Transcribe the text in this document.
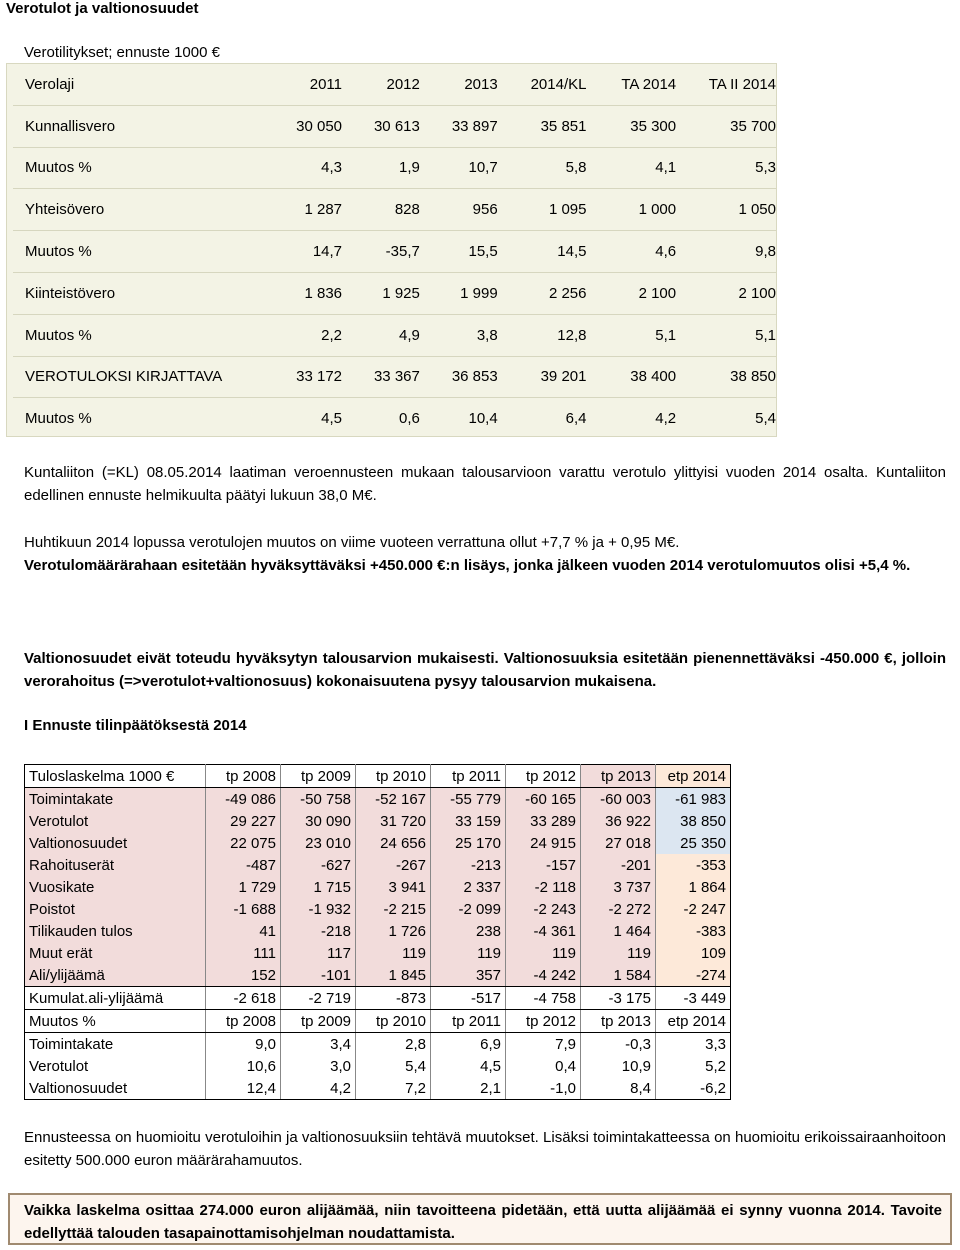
Verotulot ja valtionosuudet
Verotilitykset; ennuste 1000 €
Verolaji	2011	2012	2013	2014/KL	TA 2014	TA II 2014
Kunnallisvero	30 050	30 613	33 897	35 851	35 300	35 700
Muutos %	4,3	1,9	10,7	5,8	4,1	5,3
Yhteisövero	1 287	828	956	1 095	1 000	1 050
Muutos %	14,7	-35,7	15,5	14,5	4,6	9,8
Kiinteistövero	1 836	1 925	1 999	2 256	2 100	2 100
Muutos %	2,2	4,9	3,8	12,8	5,1	5,1
VEROTULOKSI KIRJATTAVA	33 172	33 367	36 853	39 201	38 400	38 850
Muutos %	4,5	0,6	10,4	6,4	4,2	5,4
Kuntaliiton (=KL) 08.05.2014 laatiman veroennusteen mukaan talousarvioon varattu verotulo ylittyisi vuoden 2014 osalta. Kuntaliiton edellinen ennuste helmikuulta päätyi lukuun 38,0 M€.
Huhtikuun 2014 lopussa verotulojen muutos on viime vuoteen verrattuna ollut +7,7 % ja + 0,95 M€.
Verotulomäärärahaan esitetään hyväksyttäväksi +450.000 €:n lisäys, jonka jälkeen vuoden 2014 verotulomuutos olisi +5,4 %.
Valtionosuudet eivät toteudu hyväksytyn talousarvion mukaisesti. Valtionosuuksia esitetään pienennettäväksi -450.000 €, jolloin verorahoitus (=>verotulot+valtionosuus) kokonaisuutena pysyy talousarvion mukaisena.
I Ennuste tilinpäätöksestä 2014
Tuloslaskelma 1000 €	tp 2008	tp 2009	tp 2010	tp 2011	tp 2012	tp 2013	etp 2014
Toimintakate	-49 086	-50 758	-52 167	-55 779	-60 165	-60 003	-61 983
Verotulot	29 227	30 090	31 720	33 159	33 289	36 922	38 850
Valtionosuudet	22 075	23 010	24 656	25 170	24 915	27 018	25 350
Rahoituserät	-487	-627	-267	-213	-157	-201	-353
Vuosikate	1 729	1 715	3 941	2 337	-2 118	3 737	1 864
Poistot	-1 688	-1 932	-2 215	-2 099	-2 243	-2 272	-2 247
Tilikauden tulos	41	-218	1 726	238	-4 361	1 464	-383
Muut erät	111	117	119	119	119	119	109
Ali/ylijäämä	152	-101	1 845	357	-4 242	1 584	-274
Kumulat.ali-ylijäämä	-2 618	-2 719	-873	-517	-4 758	-3 175	-3 449
Muutos %	tp 2008	tp 2009	tp 2010	tp 2011	tp 2012	tp 2013	etp 2014
Toimintakate	9,0	3,4	2,8	6,9	7,9	-0,3	3,3
Verotulot	10,6	3,0	5,4	4,5	0,4	10,9	5,2
Valtionosuudet	12,4	4,2	7,2	2,1	-1,0	8,4	-6,2
Ennusteessa on huomioitu verotuloihin ja valtionosuuksiin tehtävä muutokset. Lisäksi toimintakatteessa on huomioitu erikoissairaanhoitoon esitetty 500.000 euron määrärahamuutos.
Vaikka laskelma osittaa 274.000 euron alijäämää, niin tavoitteena pidetään, että uutta alijäämää ei synny vuonna 2014. Tavoite edellyttää talouden tasapainottamisohjelman noudattamista.
